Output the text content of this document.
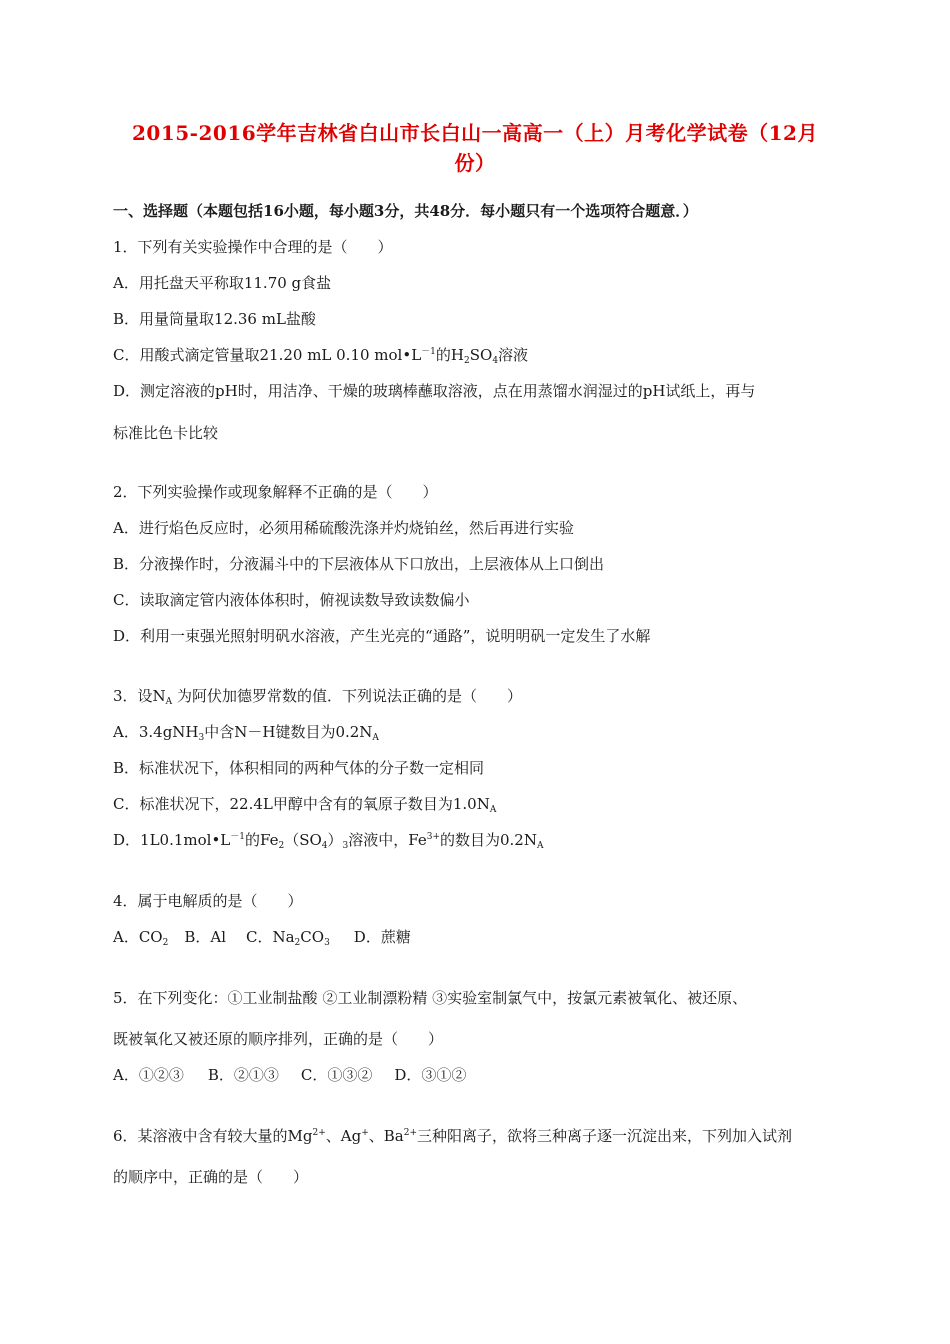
2015-2016学年吉林省白山市长白山一高高一（上）月考化学试卷（12月
份）
一、选择题（本题包括16小题，每小题3分，共48分．每小题只有一个选项符合题意．）
1．下列有关实验操作中合理的是（　　）
A．用托盘天平称取11.70 g食盐
B．用量筒量取12.36 mL盐酸
C．用酸式滴定管量取21.20 mL 0.10 $mol•L^{-1}$的$H_2SO_4$溶液
D．测定溶液的pH时，用洁净、干燥的玻璃棒蘸取溶液，点在用蒸馏水润湿过的pH试纸上，再与
标准比色卡比较
2．下列实验操作或现象解释不正确的是（　　）
A．进行焰色反应时，必须用稀硫酸洗涤并灼烧铂丝，然后再进行实验
B．分液操作时，分液漏斗中的下层液体从下口放出，上层液体从上口倒出
C．读取滴定管内液体体积时，俯视读数导致读数偏小
D．利用一束强光照射明矾水溶液，产生光亮的“通路”，说明明矾一定发生了水解
3．设$N_A$ 为阿伏加德罗常数的值．下列说法正确的是（　　）
A．3.4gNH$_3$中含N－H键数目为$0.2N_A$
B．标准状况下，体积相同的两种气体的分子数一定相同
C．标准状况下，22.4L甲醇中含有的氧原子数目为$1.0N_A$
D．$1L0.1mol•L^{-1}$的$Fe_2(SO_4)_3$溶液中，$Fe^{3+}$的数目为$0.2N_A$
4．属于电解质的是（　　）
A．$CO_2$ B．Al C．$Na_2CO_3$ D．蔗糖
5．在下列变化：①工业制盐酸 ②工业制漂粉精 ③实验室制氯气中，按氯元素被氧化、被还原、
既被氧化又被还原的顺序排列，正确的是（　　）
A．①②③ B．②①③ C．①③② D．③①②
6．某溶液中含有较大量的$Mg^{2+}$、Ag+、$Ba^{2+}$三种阳离子，欲将三种离子逐一沉淀出来，下列加入试剂
的顺序中，正确的是（　　）
